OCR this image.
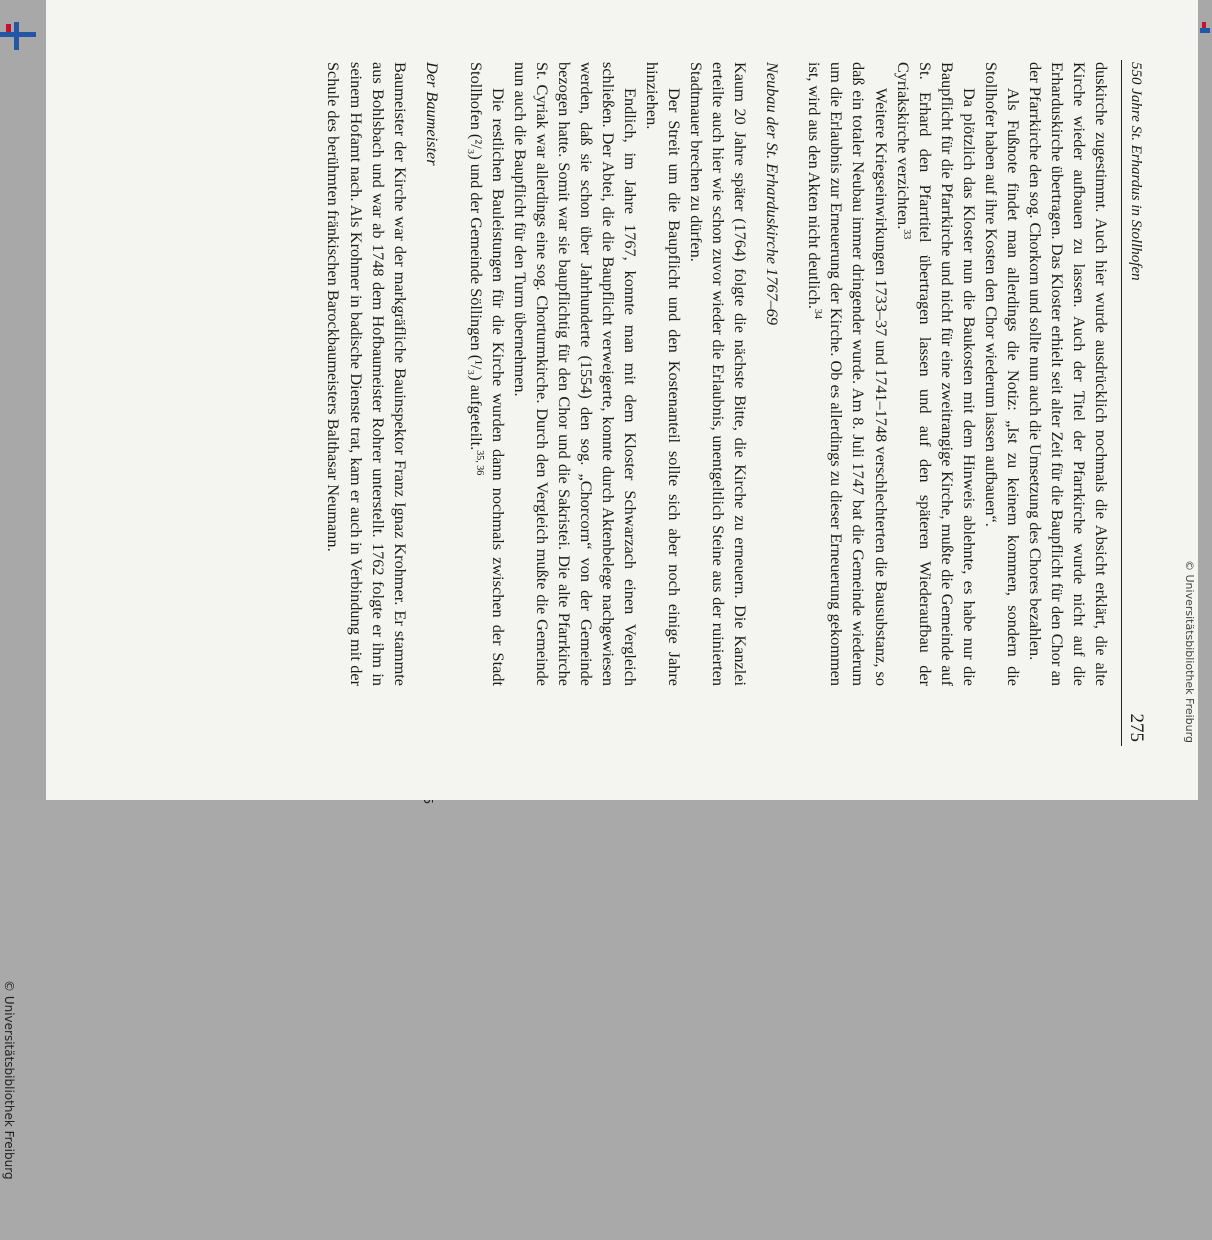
© Universitätsbibliothek Freiburg
550 Jahre St. Erhardus in Stollhofen
275

duskirche zugestimmt. Auch hier wurde ausdrücklich nochmals die Absicht erklärt, die alte Kirche wieder aufbauen zu lassen. Auch der Titel der Pfarrkirche wurde nicht auf die Erharduskirche übertragen. Das Kloster erhielt seit alter Zeit für die Baupflicht für den Chor an der Pfarrkirche den sog. Chorkorn und sollte nun auch die Umsetzung des Chores bezahlen.

Als Fußnote findet man allerdings die Notiz: „Ist zu keinem kommen, sondern die Stollhofer haben auf ihre Kosten den Chor wiederum lassen aufbauen“.

Da plötzlich das Kloster nun die Baukosten mit dem Hinweis ablehnte, es habe nur die Baupflicht für die Pfarrkirche und nicht für eine zweitrangige Kirche, mußte die Gemeinde auf St. Erhard den Pfarrtitel übertragen lassen und auf den späteren Wiederaufbau der Cyriakskirche verzichten.$^{33}$

Weitere Kriegseinwirkungen 1733–37 und 1741–1748 verschlechterten die Bausubstanz, so daß ein totaler Neubau immer dringender wurde. Am 8. Juli 1747 bat die Gemeinde wiederum um die Erlaubnis zur Erneuerung der Kirche. Ob es allerdings zu dieser Erneuerung gekommen ist, wird aus den Akten nicht deutlich.$^{34}$

Neubau der St. Erharduskirche 1767–69

Kaum 20 Jahre später (1764) folgte die nächste Bitte, die Kirche zu erneuern. Die Kanzlei erteilte auch hier wie schon zuvor wieder die Erlaubnis, unentgeltlich Steine aus der ruinierten Stadtmauer brechen zu dürfen.

Der Streit um die Baupflicht und den Kostenanteil sollte sich aber noch einige Jahre hinziehen.

Endlich, im Jahre 1767, konnte man mit dem Kloster Schwarzach einen Vergleich schließen. Der Abtei, die die Baupflicht verweigerte, konnte durch Aktenbelege nachgewiesen werden, daß sie schon über Jahrhunderte (1554) den sog. „Chorcorn“ von der Gemeinde bezogen hatte. Somit war sie baupflichtig für den Chor und die Sakristei. Die alte Pfarrkirche St. Cyriak war allerdings eine sog. Chorturmkirche. Durch den Vergleich mußte die Gemeinde nun auch die Baupflicht für den Turm übernehmen.

Die restlichen Bauleistungen für die Kirche wurden dann nochmals zwischen der Stadt Stollhofen (²/₃) und der Gemeinde Söllingen (¹/₃) aufgeteilt.$^{35, 36}$

Der Baumeister

Baumeister der Kirche war der markgräfliche Bauinspektor Franz Ignaz Krohmer. Er stammte aus Bohlsbach und war ab 1748 dem Hofbaumeister Rohrer unterstellt. 1762 folgte er ihm in seinem Hofamt nach. Als Krohmer in badische Dienste trat, kam er auch in Verbindung mit der Schule des berühmten fränkischen Barockbaumeisters Balthasar Neumann.

© Universitätsbibliothek Freiburg
